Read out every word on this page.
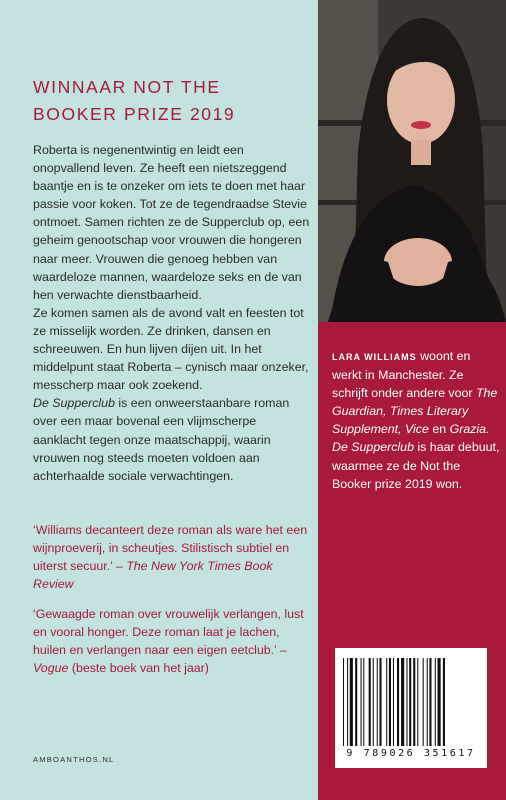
WINNAAR NOT THE
BOOKER PRIZE 2019

Roberta is negenentwintig en leidt een onopvallend leven. Ze heeft een nietszeggend baantje en is te onzeker om iets te doen met haar passie voor koken. Tot ze de tegendraadse Stevie ontmoet. Samen richten ze de Supperclub op, een geheim genootschap voor vrouwen die hongeren naar meer. Vrouwen die genoeg hebben van waardeloze mannen, waardeloze seks en de van hen verwachte dienstbaarheid.

Ze komen samen als de avond valt en feesten tot ze misselijk worden. Ze drinken, dansen en schreeuwen. En hun lijven dijen uit. In het middelpunt staat Roberta – cynisch maar onzeker, messcherp maar ook zoekend.

De Supperclub is een onweerstaanbare roman over een maar bovenal een vlijmscherpe aanklacht tegen onze maatschappij, waarin vrouwen nog steeds moeten voldoen aan achterhaalde sociale verwachtingen.

‘Williams decanteert deze roman als ware het een wijnproeverij, in scheutjes. Stilistisch subtiel en uiterst secuur.’ – The New York Times Book Review

‘Gewaagde roman over vrouwelijk verlangen, lust en vooral honger. Deze roman laat je lachen, huilen en verlangen naar een eigen eetclub.’ – Vogue (beste boek van het jaar)

AMBOANTHOS.NL

LARA WILLIAMS woont en werkt in Manchester. Ze schrijft onder andere voor The Guardian, Times Literary Supplement, Vice en Grazia. De Supperclub is haar debuut, waarmee ze de Not the Booker prize 2019 won.

9 789026 351617
